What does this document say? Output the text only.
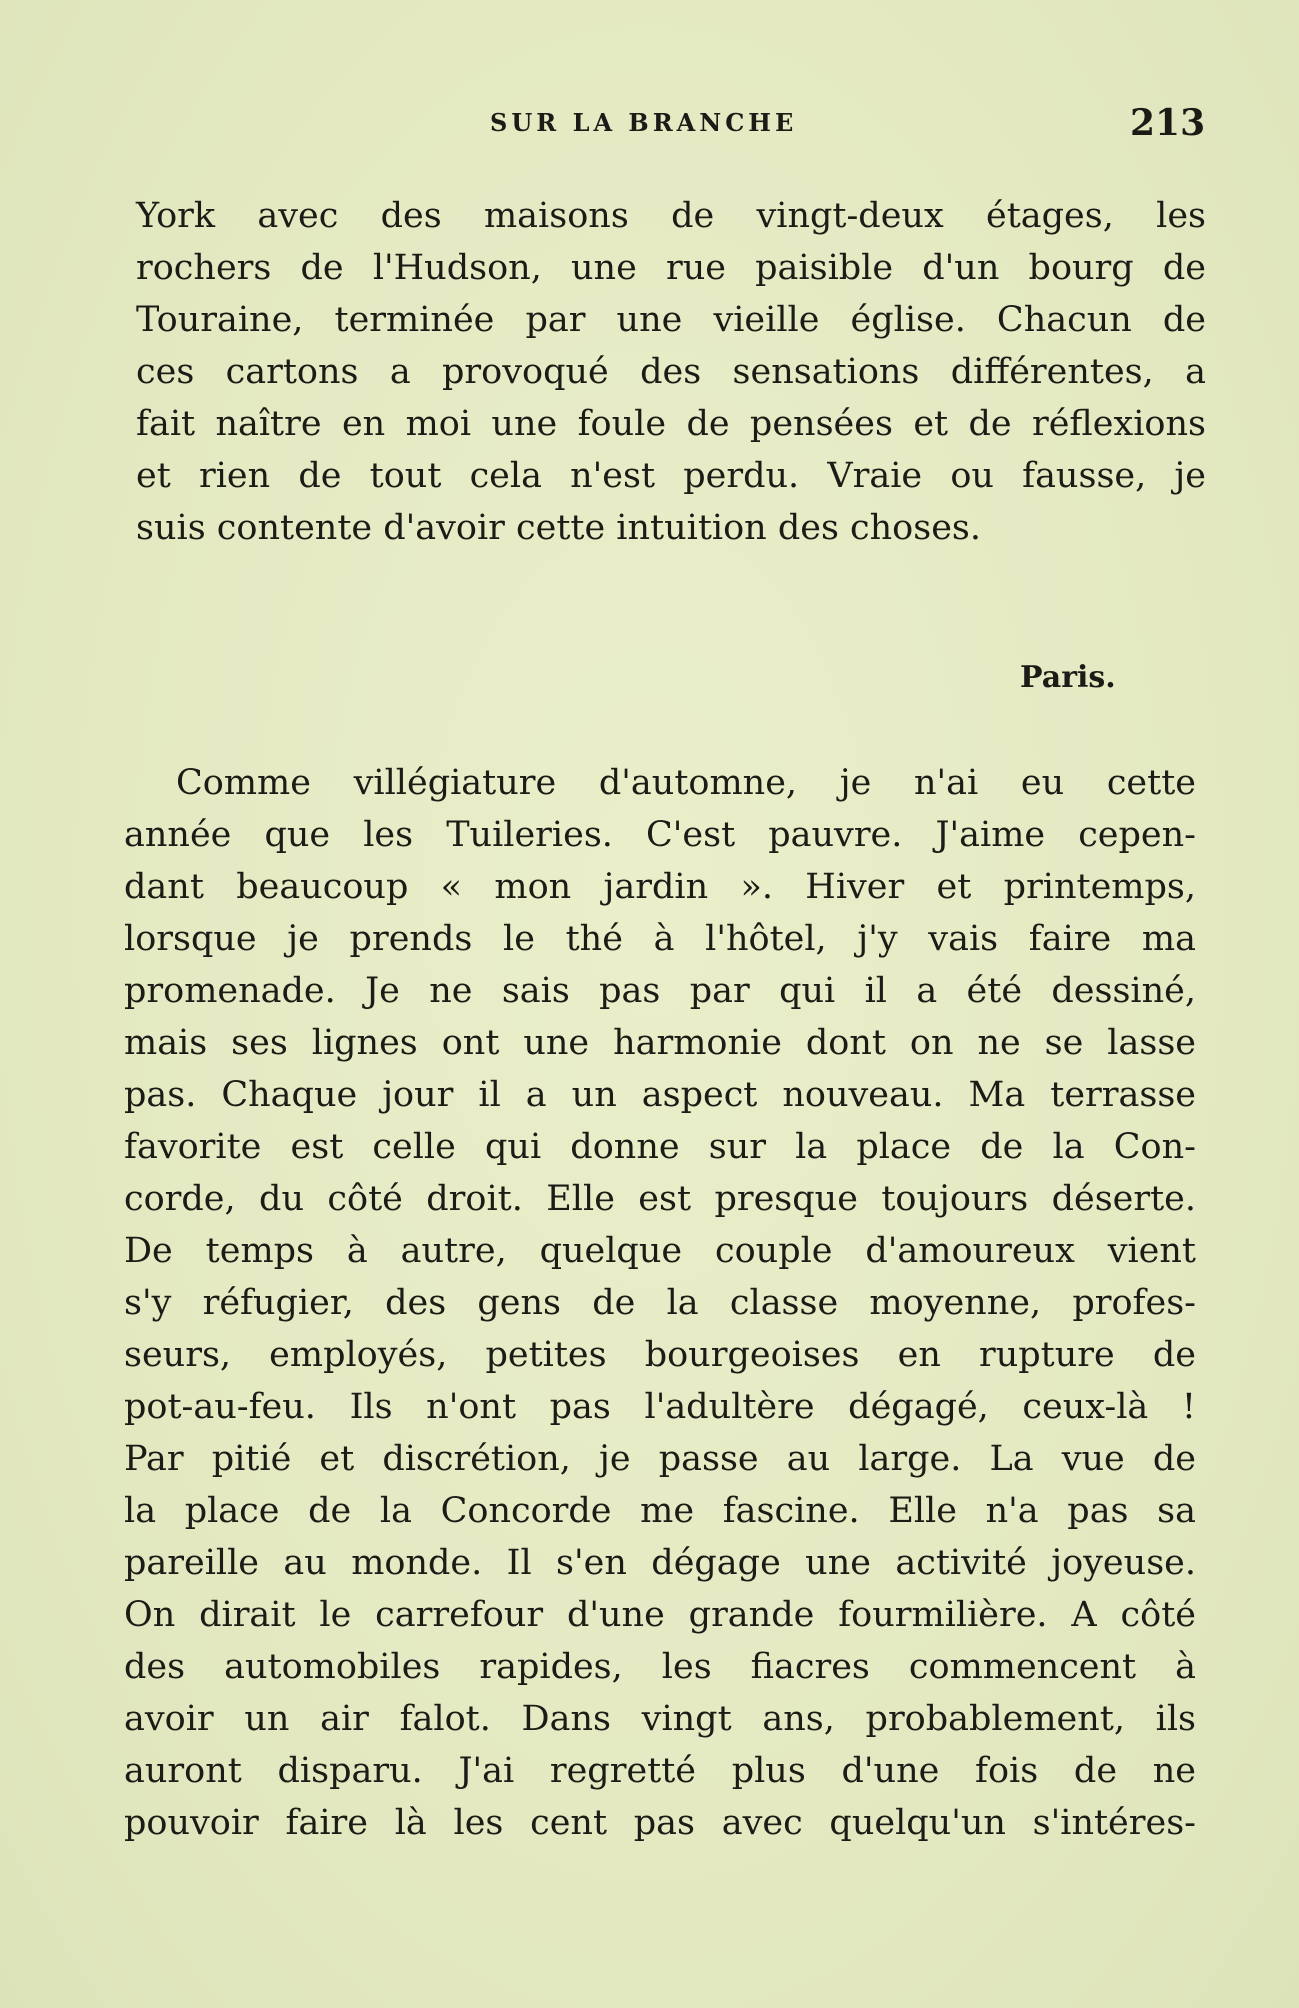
SUR LA BRANCHE	213
York avec des maisons de vingt-deux étages, les
rochers de l'Hudson, une rue paisible d'un bourg de
Touraine, terminée par une vieille église. Chacun de
ces cartons a provoqué des sensations différentes, a
fait naître en moi une foule de pensées et de réflexions
et rien de tout cela n'est perdu. Vraie ou fausse, je
suis contente d'avoir cette intuition des choses.
Paris.
Comme villégiature d'automne, je n'ai eu cette
année que les Tuileries. C'est pauvre. J'aime cepen-
dant beaucoup « mon jardin ». Hiver et printemps,
lorsque je prends le thé à l'hôtel, j'y vais faire ma
promenade. Je ne sais pas par qui il a été dessiné,
mais ses lignes ont une harmonie dont on ne se lasse
pas. Chaque jour il a un aspect nouveau. Ma terrasse
favorite est celle qui donne sur la place de la Con-
corde, du côté droit. Elle est presque toujours déserte.
De temps à autre, quelque couple d'amoureux vient
s'y réfugier, des gens de la classe moyenne, profes-
seurs, employés, petites bourgeoises en rupture de
pot-au-feu. Ils n'ont pas l'adultère dégagé, ceux-là !
Par pitié et discrétion, je passe au large. La vue de
la place de la Concorde me fascine. Elle n'a pas sa
pareille au monde. Il s'en dégage une activité joyeuse.
On dirait le carrefour d'une grande fourmilière. A côté
des automobiles rapides, les fiacres commencent à
avoir un air falot. Dans vingt ans, probablement, ils
auront disparu. J'ai regretté plus d'une fois de ne
pouvoir faire là les cent pas avec quelqu'un s'intéres-
